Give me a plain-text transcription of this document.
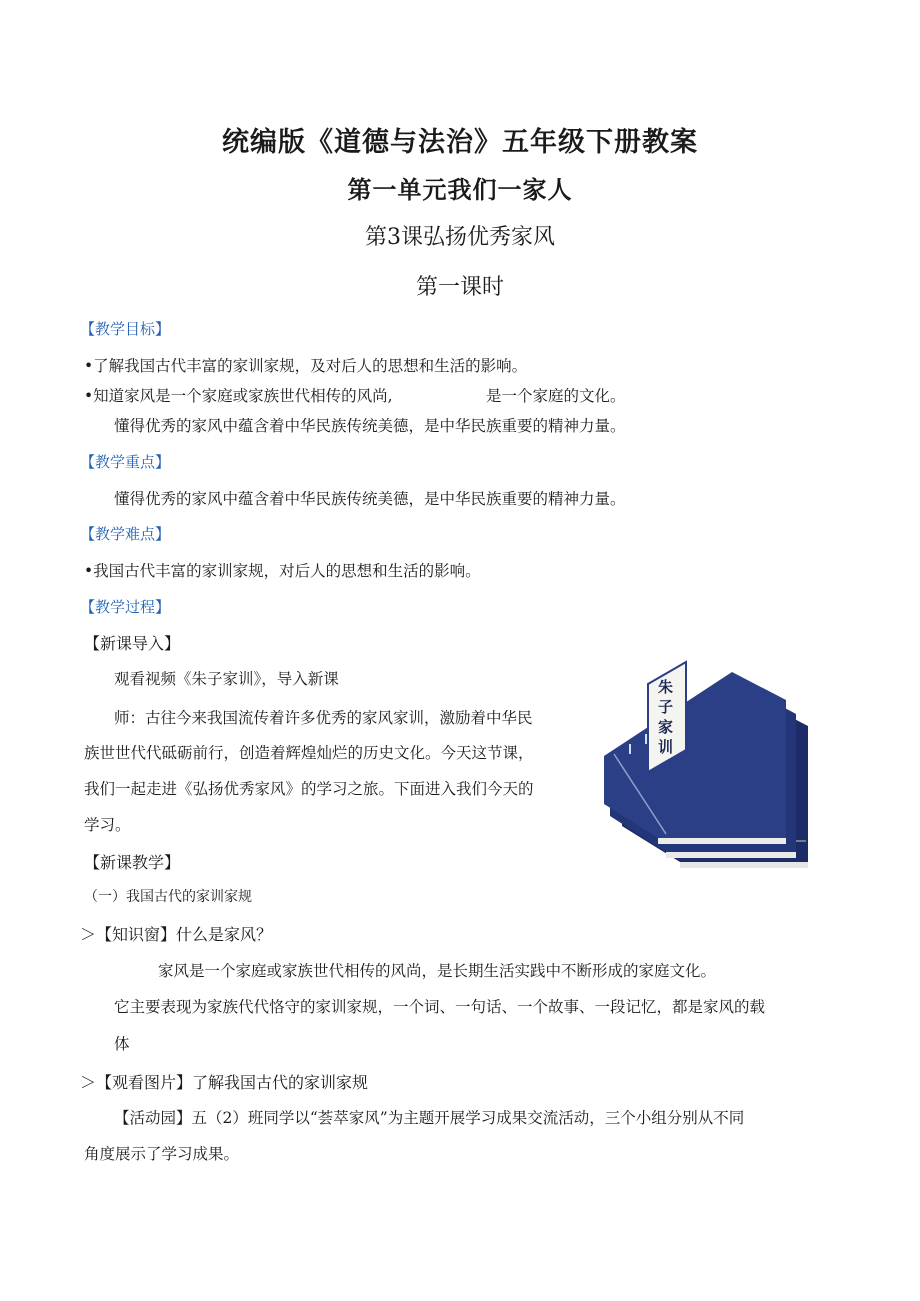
统编版《道德与法治》五年级下册教案
第一单元我们一家人
第3课弘扬优秀家风
第一课时
【教学目标】
•了解我国古代丰富的家训家规，及对后人的思想和生活的影响。
•知道家风是一个家庭或家族世代相传的风尚,	是一个家庭的文化。
懂得优秀的家风中蕴含着中华民族传统美德，是中华民族重要的精神力量。
【教学重点】
懂得优秀的家风中蕴含着中华民族传统美德，是中华民族重要的精神力量。
【教学难点】
•我国古代丰富的家训家规，对后人的思想和生活的影响。
【教学过程】
【新课导入】
观看视频《朱子家训》，导入新课
师：古往今来我国流传着许多优秀的家风家训，激励着中华民
族世世代代砥砺前行，创造着辉煌灿烂的历史文化。今天这节课，
我们一起走进《弘扬优秀家风》的学习之旅。下面进入我们今天的
学习。
【新课教学】
（一）我国古代的家训家规
＞【知识窗】什么是家风？
家风是一个家庭或家族世代相传的风尚，是长期生活实践中不断形成的家庭文化。
它主要表现为家族代代恪守的家训家规，一个词、一句话、一个故事、一段记忆，都是家风的载
体
＞【观看图片】了解我国古代的家训家规
【活动园】五（2）班同学以“荟萃家风”为主题开展学习成果交流活动，三个小组分别从不同
角度展示了学习成果。
朱
子
家
训
